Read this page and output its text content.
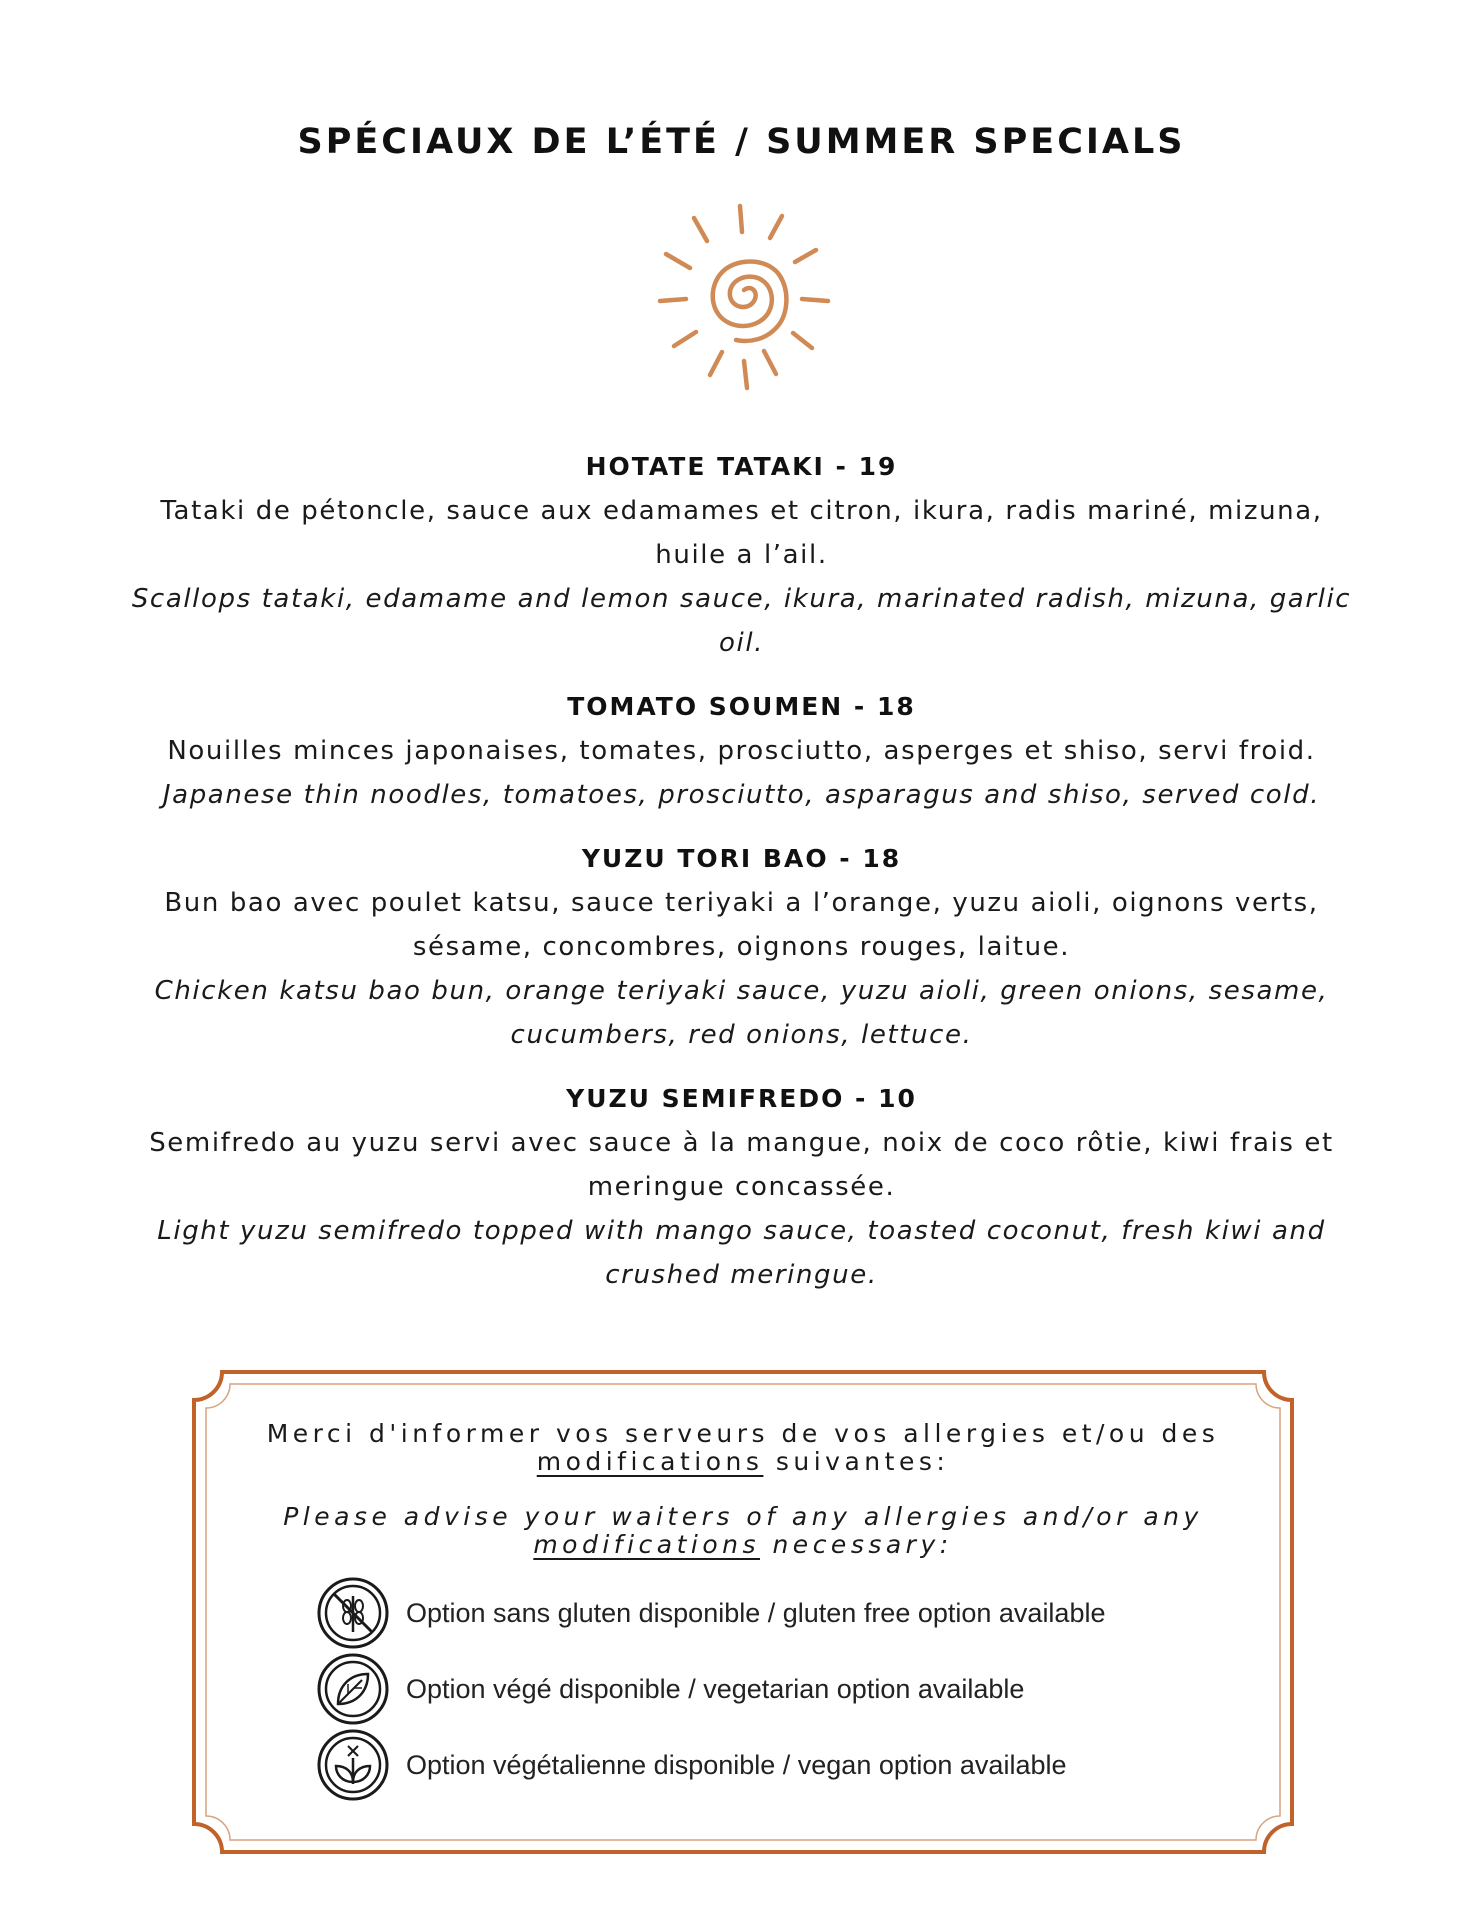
SPÉCIAUX DE L’ÉTÉ / SUMMER SPECIALS
HOTATE TATAKI - 19
Tataki de pétoncle, sauce aux edamames et citron, ikura, radis mariné, mizuna, huile a l’ail.
Scallops tataki, edamame and lemon sauce, ikura, marinated radish, mizuna, garlic oil.
TOMATO SOUMEN - 18
Nouilles minces japonaises, tomates, prosciutto, asperges et shiso, servi froid.
Japanese thin noodles, tomatoes, prosciutto, asparagus and shiso, served cold.
YUZU TORI BAO - 18
Bun bao avec poulet katsu, sauce teriyaki a l’orange, yuzu aioli, oignons verts, sésame, concombres, oignons rouges, laitue.
Chicken katsu bao bun, orange teriyaki sauce, yuzu aioli, green onions, sesame, cucumbers, red onions, lettuce.
YUZU SEMIFREDO - 10
Semifredo au yuzu servi avec sauce à la mangue, noix de coco rôtie, kiwi frais et meringue concassée.
Light yuzu semifredo topped with mango sauce, toasted coconut, fresh kiwi and crushed meringue.
Merci d'informer vos serveurs de vos allergies et/ou des modifications suivantes:
Please advise your waiters of any allergies and/or any modifications necessary:
Option sans gluten disponible / gluten free option available
Option végé disponible / vegetarian option available
Option végétalienne disponible / vegan option available
